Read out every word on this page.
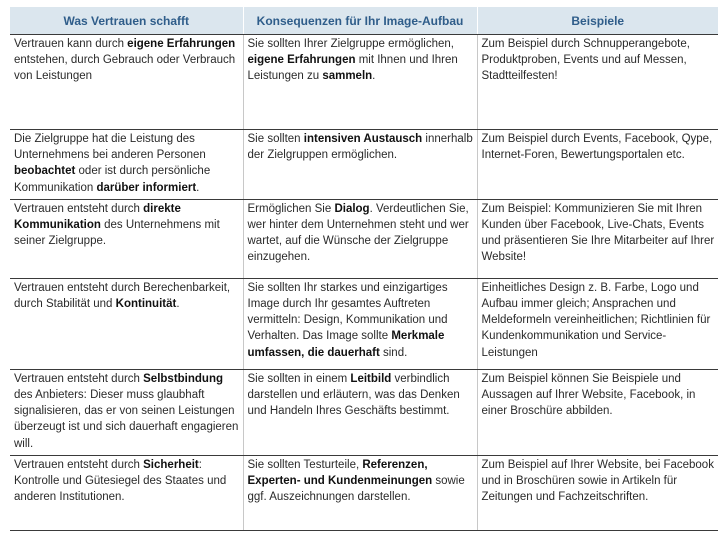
Was Vertrauen schafft	Konsequenzen für Ihr Image-Aufbau	Beispiele
Vertrauen kann durch eigene Erfahrungen entstehen, durch Gebrauch oder Verbrauch von Leistungen	Sie sollten Ihrer Zielgruppe ermöglichen, eigene Erfahrungen mit Ihnen und Ihren Leistungen zu sammeln.	Zum Beispiel durch Schnupperangebote, Produktproben, Events und auf Messen, Stadtteilfesten!
Die Zielgruppe hat die Leistung des Unternehmens bei anderen Personen beobachtet oder ist durch persönliche Kommunikation darüber informiert.	Sie sollten intensiven Austausch innerhalb der Zielgruppen ermöglichen.	Zum Beispiel durch Events, Facebook, Qype, Internet-Foren, Bewertungsportalen etc.
Vertrauen entsteht durch direkte Kommunikation des Unternehmens mit seiner Zielgruppe.	Ermöglichen Sie Dialog. Verdeutlichen Sie, wer hinter dem Unternehmen steht und wer wartet, auf die Wünsche der Zielgruppe einzugehen.	Zum Beispiel: Kommunizieren Sie mit Ihren Kunden über Facebook, Live-Chats, Events und präsentieren Sie Ihre Mitarbeiter auf Ihrer Website!
Vertrauen entsteht durch Berechenbarkeit, durch Stabilität und Kontinuität.	Sie sollten Ihr starkes und einzigartiges Image durch Ihr gesamtes Auftreten vermitteln: Design, Kommunikation und Verhalten. Das Image sollte Merkmale umfassen, die dauerhaft sind.	Einheitliches Design z. B. Farbe, Logo und Aufbau immer gleich; Ansprachen und Meldeformeln vereinheitlichen; Richtlinien für Kundenkommunikation und Service-Leistungen
Vertrauen entsteht durch Selbstbindung des Anbieters: Dieser muss glaubhaft signalisieren, das er von seinen Leistungen überzeugt ist und sich dauerhaft engagieren will.	Sie sollten in einem Leitbild verbindlich darstellen und erläutern, was das Denken und Handeln Ihres Geschäfts bestimmt.	Zum Beispiel können Sie Beispiele und Aussagen auf Ihrer Website, Facebook, in einer Broschüre abbilden.
Vertrauen entsteht durch Sicherheit: Kontrolle und Gütesiegel des Staates und anderen Institutionen.	Sie sollten Testurteile, Referenzen, Experten- und Kundenmeinungen sowie ggf. Auszeichnungen darstellen.	Zum Beispiel auf Ihrer Website, bei Facebook und in Broschüren sowie in Artikeln für Zeitungen und Fachzeitschriften.
